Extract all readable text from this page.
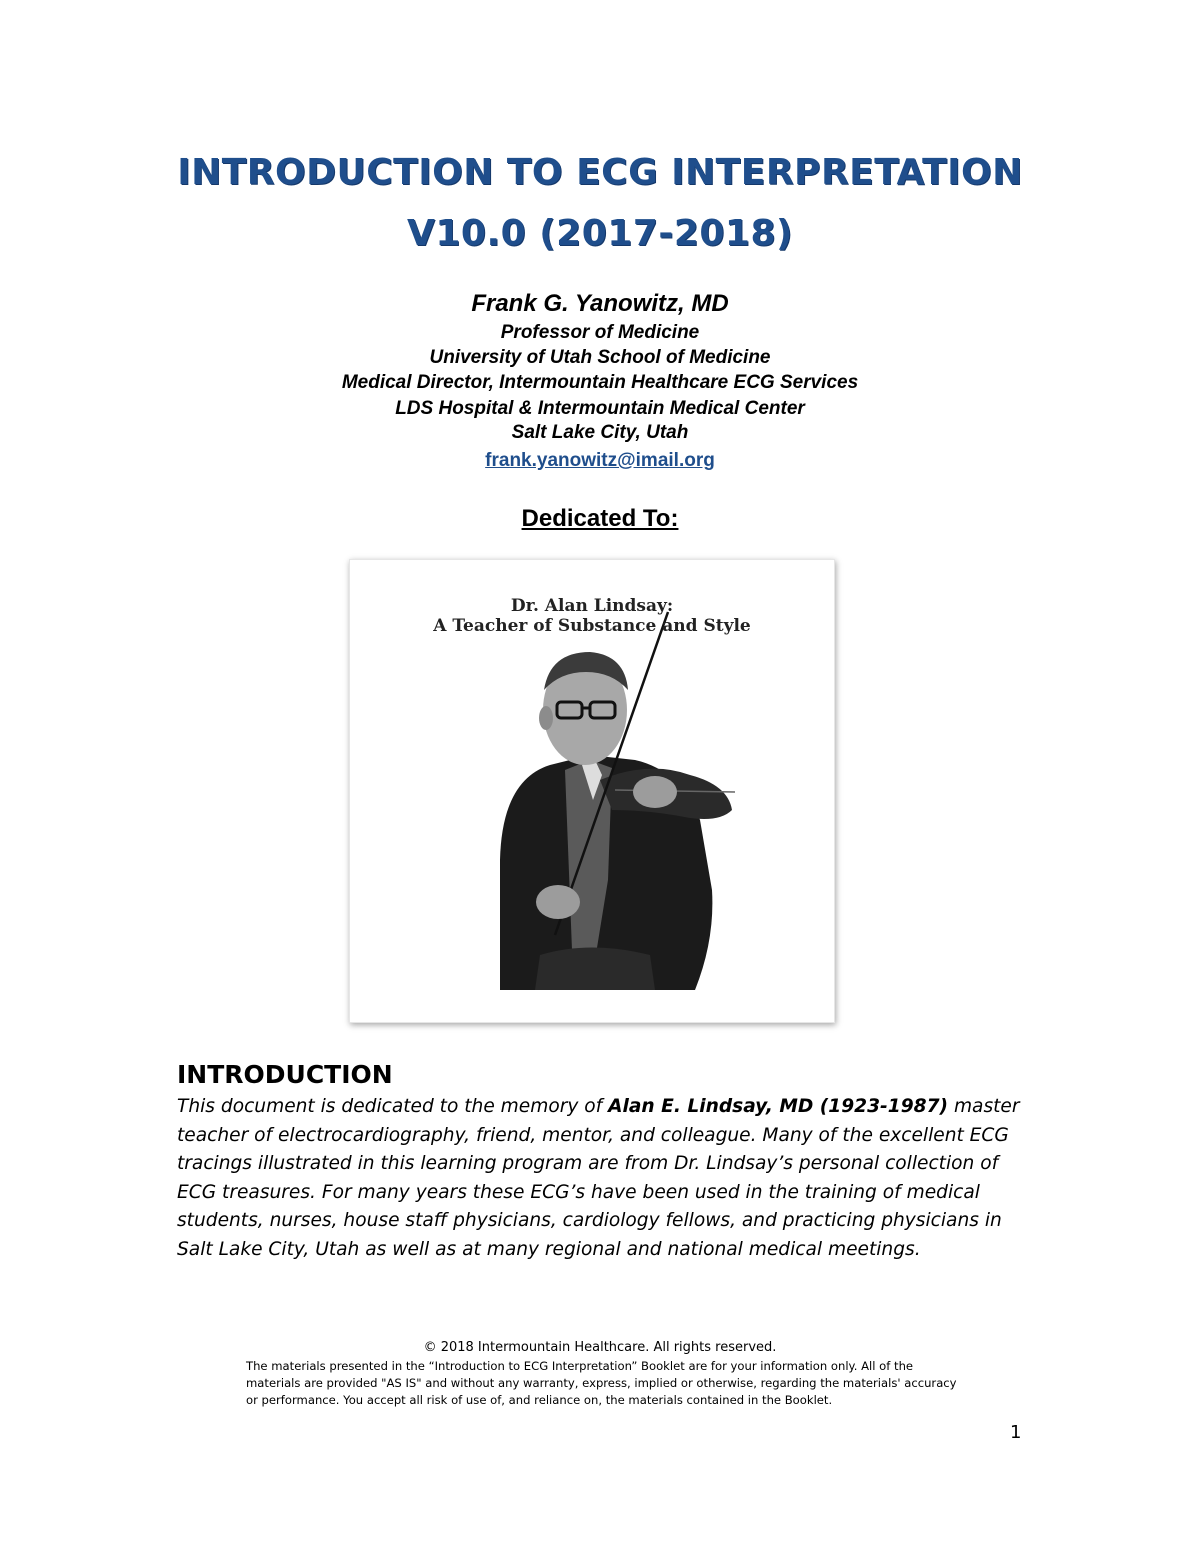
INTRODUCTION TO ECG INTERPRETATION
V10.0 (2017-2018)
Frank G. Yanowitz, MD
Professor of Medicine
University of Utah School of Medicine
Medical Director, Intermountain Healthcare ECG Services
LDS Hospital & Intermountain Medical Center
Salt Lake City, Utah
frank.yanowitz@imail.org
Dedicated To:
Dr. Alan Lindsay:
A Teacher of Substance and Style
INTRODUCTION
This document is dedicated to the memory of Alan E. Lindsay, MD (1923-1987) master teacher of electrocardiography, friend, mentor, and colleague. Many of the excellent ECG tracings illustrated in this learning program are from Dr. Lindsay’s personal collection of ECG treasures. For many years these ECG’s have been used in the training of medical students, nurses, house staff physicians, cardiology fellows, and practicing physicians in Salt Lake City, Utah as well as at many regional and national medical meetings.
© 2018 Intermountain Healthcare. All rights reserved.
The materials presented in the “Introduction to ECG Interpretation” Booklet are for your information only. All of the materials are provided "AS IS" and without any warranty, express, implied or otherwise, regarding the materials' accuracy or performance. You accept all risk of use of, and reliance on, the materials contained in the Booklet.
1
